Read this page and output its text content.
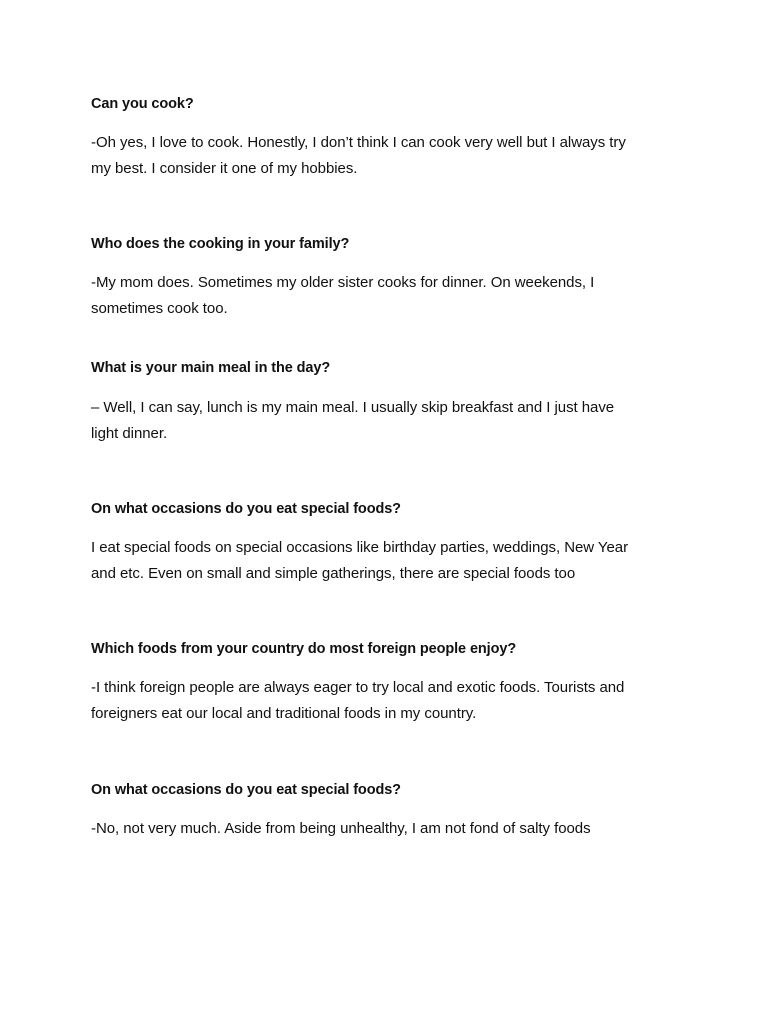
Can you cook?
-Oh yes, I love to cook. Honestly, I don’t think I can cook very well but I always try
my best. I consider it one of my hobbies.
Who does the cooking in your family?
-My mom does. Sometimes my older sister cooks for dinner. On weekends, I
sometimes cook too.
What is your main meal in the day?
– Well, I can say, lunch is my main meal. I usually skip breakfast and I just have
light dinner.
On what occasions do you eat special foods?
I eat special foods on special occasions like birthday parties, weddings, New Year
and etc. Even on small and simple gatherings, there are special foods too
Which foods from your country do most foreign people enjoy?
-I think foreign people are always eager to try local and exotic foods. Tourists and
foreigners eat our local and traditional foods in my country.
On what occasions do you eat special foods?
-No, not very much. Aside from being unhealthy, I am not fond of salty foods
